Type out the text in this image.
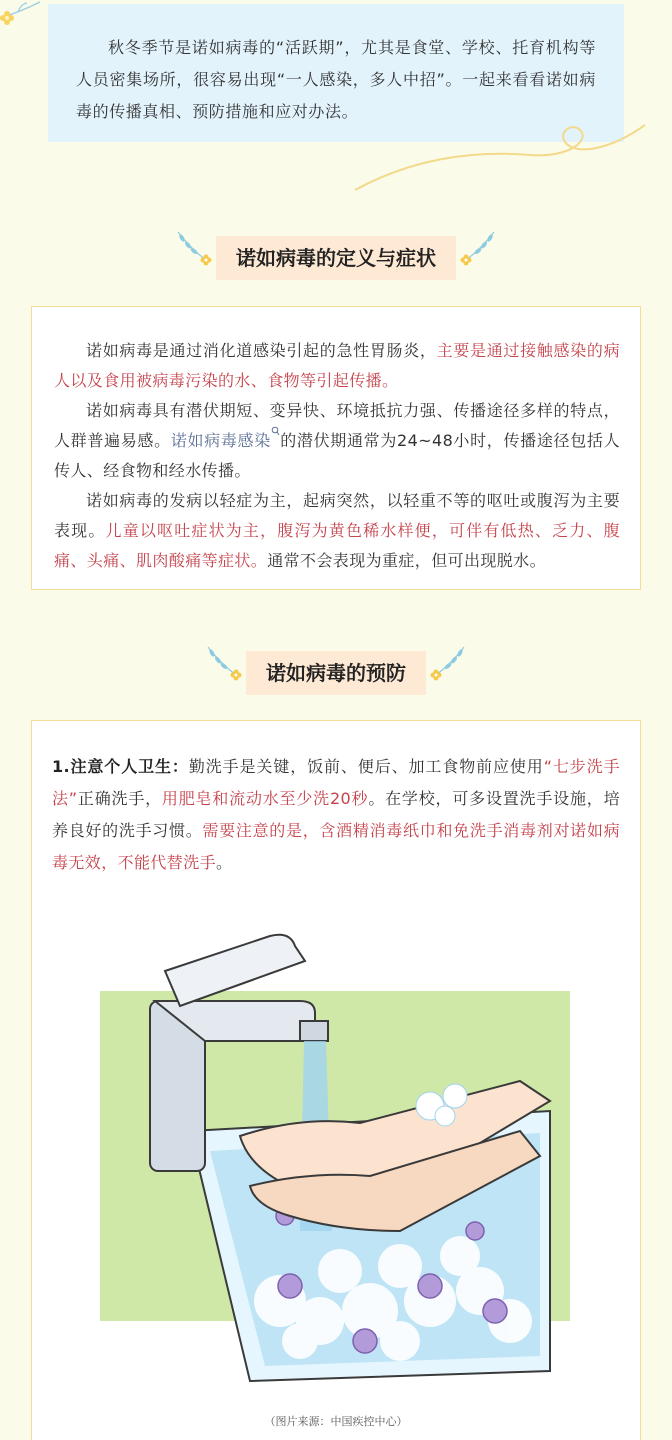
秋冬季节是诺如病毒的“活跃期”，尤其是食堂、学校、托育机构等人员密集场所，很容易出现“一人感染，多人中招”。一起来看看诺如病毒的传播真相、预防措施和应对办法。

诺如病毒的定义与症状

诺如病毒是通过消化道感染引起的急性胃肠炎，主要是通过接触感染的病人以及食用被病毒污染的水、食物等引起传播。

诺如病毒具有潜伏期短、变异快、环境抵抗力强、传播途径多样的特点，人群普遍易感。诺如病毒感染 的潜伏期通常为24~48小时，传播途径包括人传人、经食物和经水传播。

诺如病毒的发病以轻症为主，起病突然，以轻重不等的呕吐或腹泻为主要表现。儿童以呕吐症状为主，腹泻为黄色稀水样便，可伴有低热、乏力、腹痛、头痛、肌肉酸痛等症状。通常不会表现为重症，但可出现脱水。

诺如病毒的预防

1.注意个人卫生：勤洗手是关键，饭前、便后、加工食物前应使用“七步洗手法”正确洗手，用肥皂和流动水至少洗20秒。在学校，可多设置洗手设施，培养良好的洗手习惯。需要注意的是，含酒精消毒纸巾和免洗手消毒剂对诺如病毒无效，不能代替洗手。

（图片来源：中国疾控中心）
